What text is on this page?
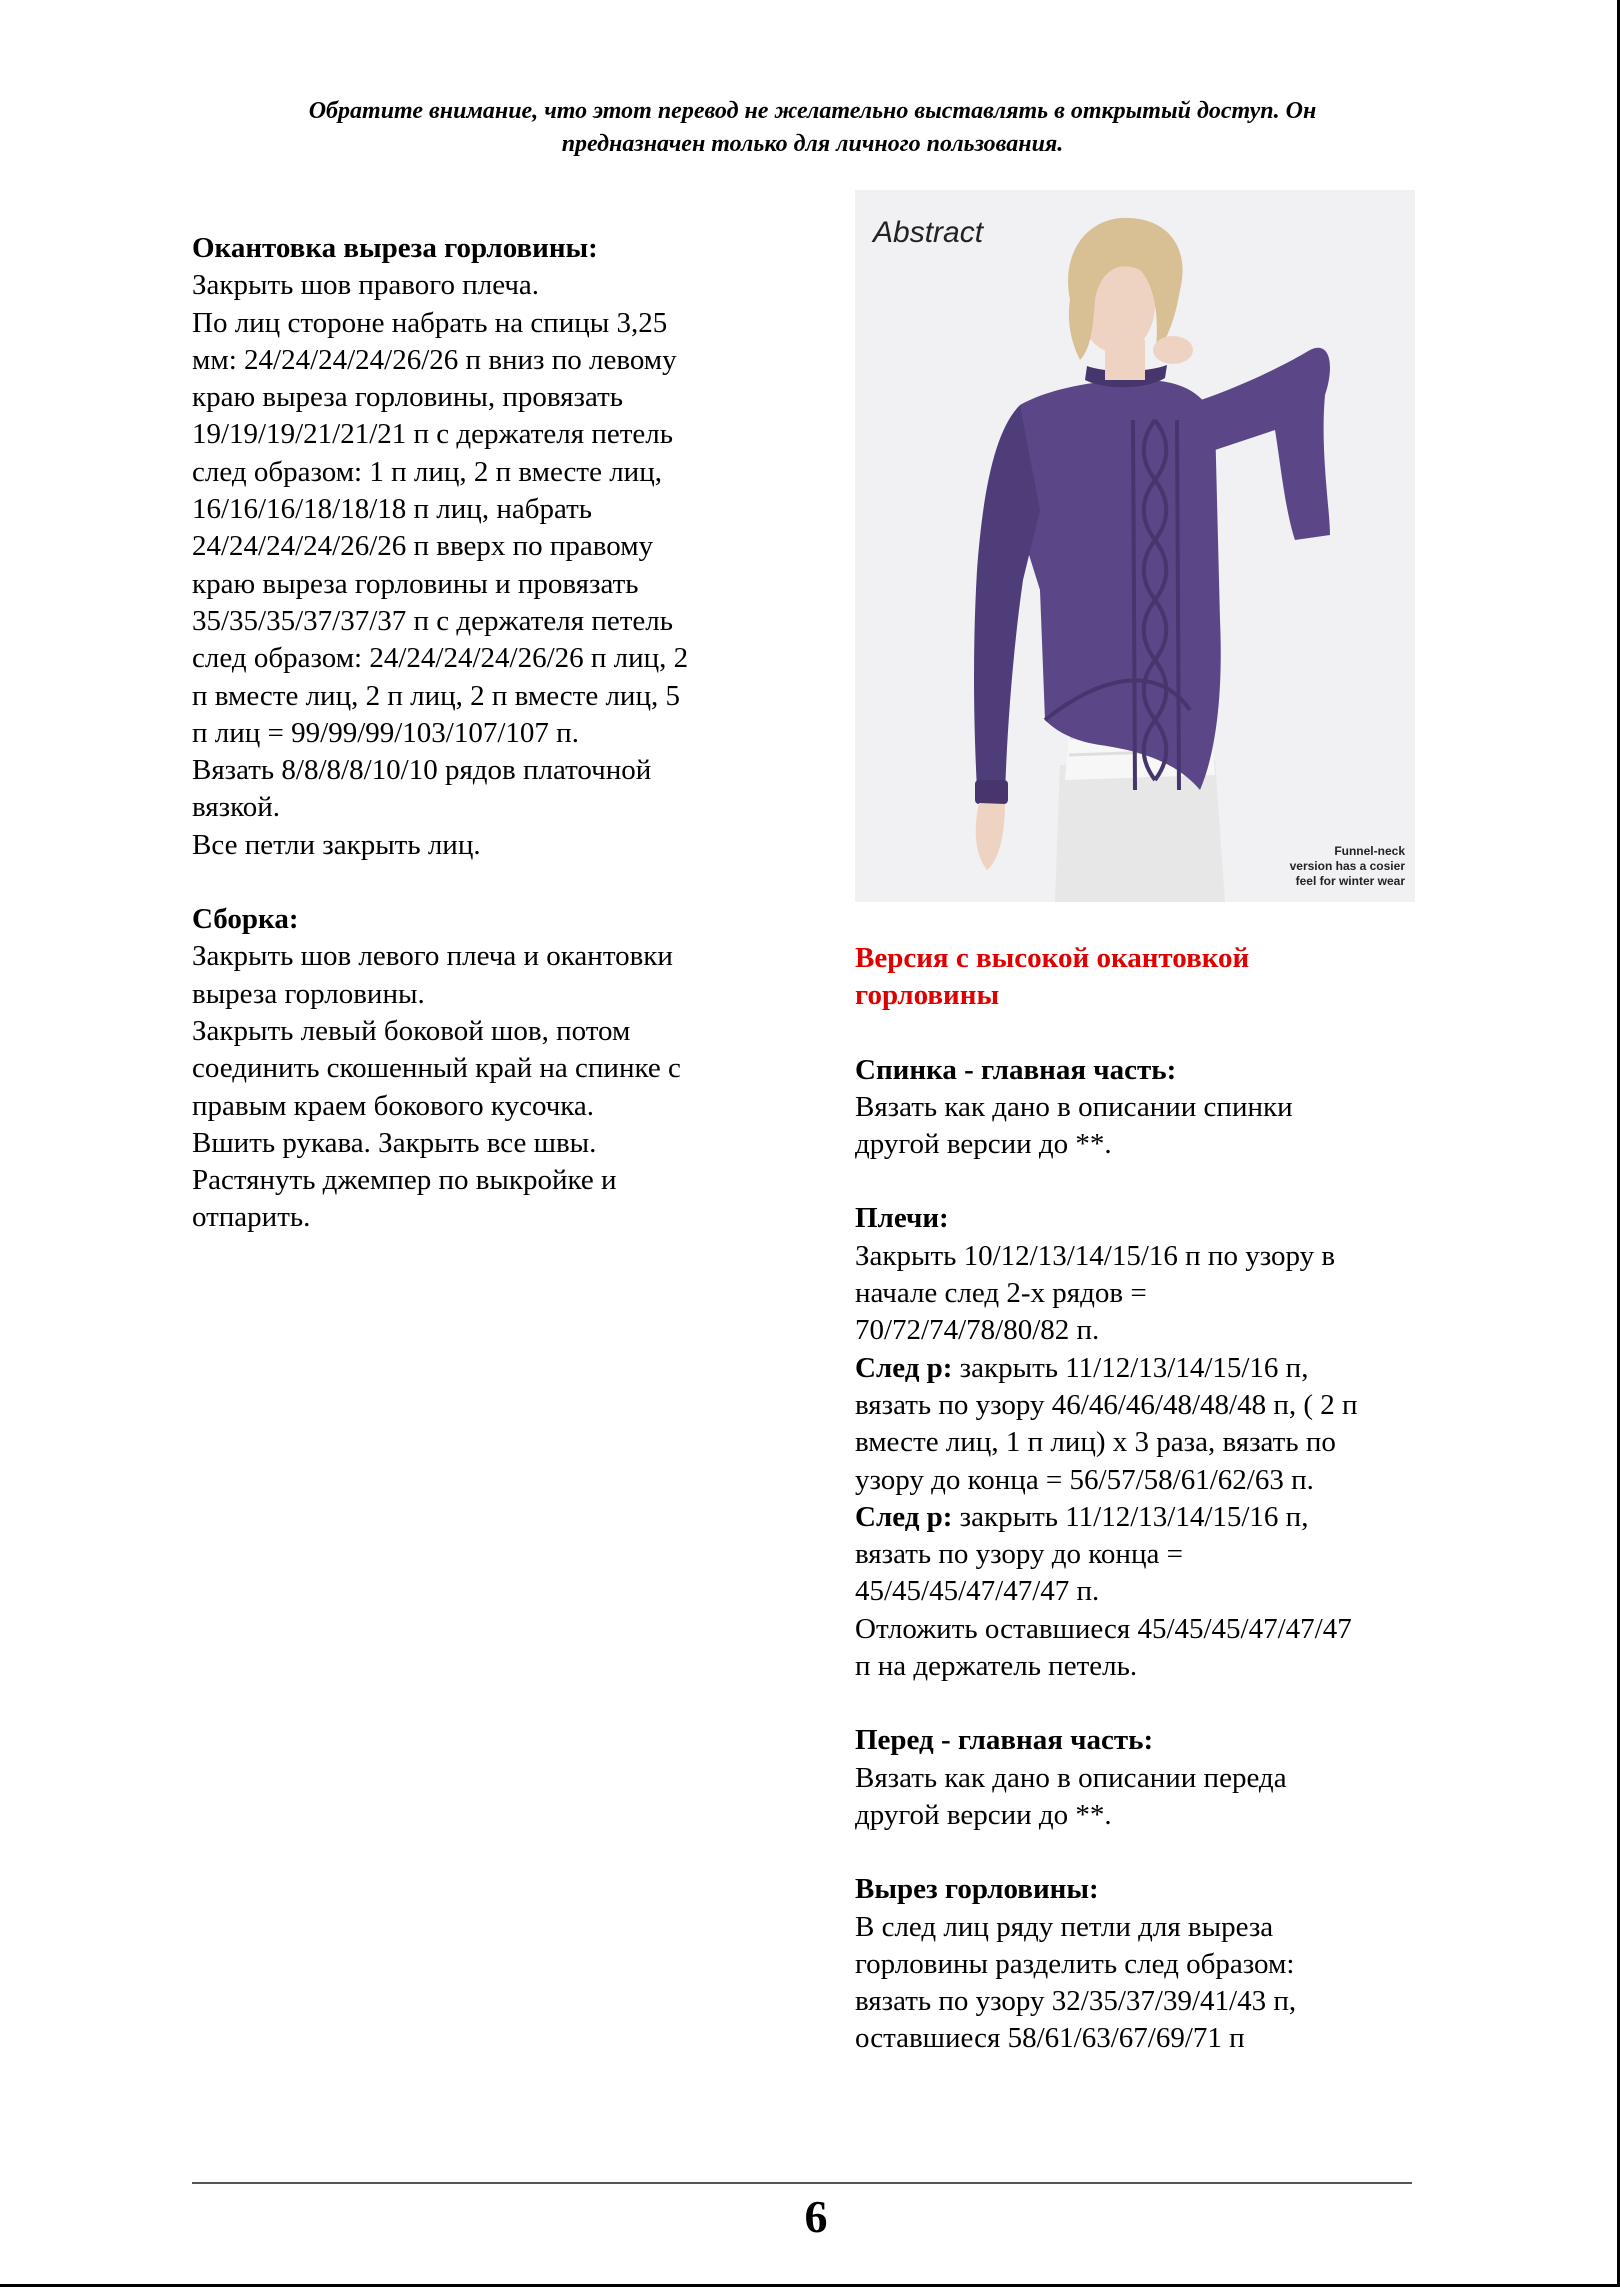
Обратите внимание, что этот перевод не желательно выставлять в открытый доступ. Он
предназначен только для личного пользования.
Окантовка выреза горловины:
Закрыть шов правого плеча.
По лиц стороне набрать на спицы 3,25
мм: 24/24/24/24/26/26 п вниз по левому
краю выреза горловины, провязать
19/19/19/21/21/21 п с держателя петель
след образом: 1 п лиц, 2 п вместе лиц,
16/16/16/18/18/18 п лиц, набрать
24/24/24/24/26/26 п вверх по правому
краю выреза горловины и провязать
35/35/35/37/37/37 п с держателя петель
след образом: 24/24/24/24/26/26 п лиц, 2
п вместе лиц, 2 п лиц, 2 п вместе лиц, 5
п лиц = 99/99/99/103/107/107 п.
Вязать 8/8/8/8/10/10 рядов платочной
вязкой.
Все петли закрыть лиц.
Сборка:
Закрыть шов левого плеча и окантовки
выреза горловины.
Закрыть левый боковой шов, потом
соединить скошенный край на спинке с
правым краем бокового кусочка.
Вшить рукава. Закрыть все швы.
Растянуть джемпер по выкройке и
отпарить.
Abstract
Funnel-neck
version has a cosier
feel for winter wear
Версия с высокой окантовкой
горловины
Спинка - главная часть:
Вязать как дано в описании спинки
другой версии до **.
Плечи:
Закрыть 10/12/13/14/15/16 п по узору в
начале след 2-х рядов =
70/72/74/78/80/82 п.
След р: закрыть 11/12/13/14/15/16 п,
вязать по узору 46/46/46/48/48/48 п, ( 2 п
вместе лиц, 1 п лиц) х 3 раза, вязать по
узору до конца = 56/57/58/61/62/63 п.
След р: закрыть 11/12/13/14/15/16 п,
вязать по узору до конца =
45/45/45/47/47/47 п.
Отложить оставшиеся 45/45/45/47/47/47
п на держатель петель.
Перед - главная часть:
Вязать как дано в описании переда
другой версии до **.
Вырез горловины:
В след лиц ряду петли для выреза
горловины разделить след образом:
вязать по узору 32/35/37/39/41/43 п,
оставшиеся 58/61/63/67/69/71 п
6
